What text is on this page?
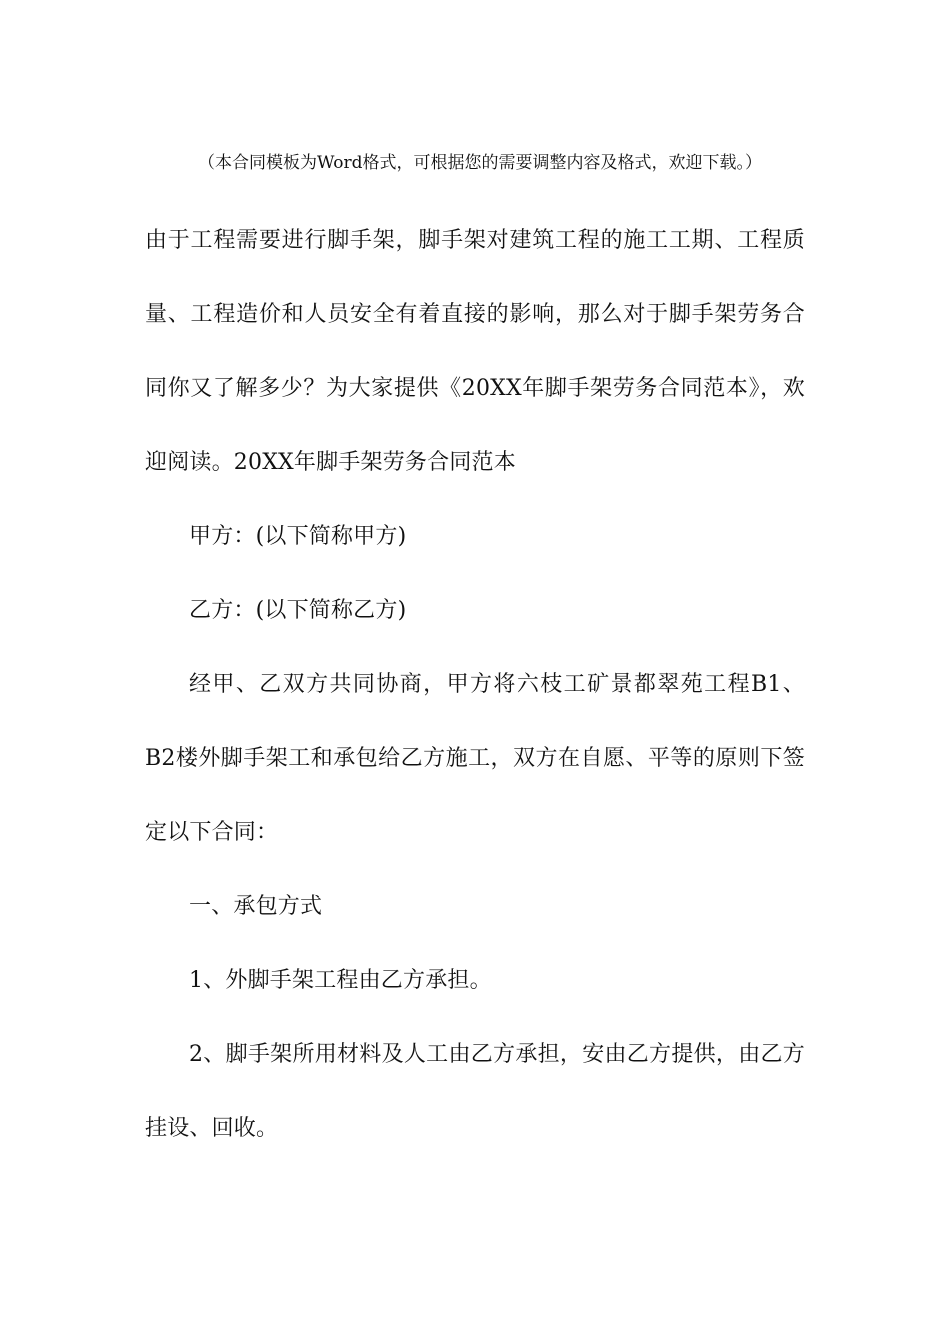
（本合同模板为Word格式，可根据您的需要调整内容及格式，欢迎下载。）
由于工程需要进行脚手架，脚手架对建筑工程的施工工期、工程质量、工程造价和人员安全有着直接的影响，那么对于脚手架劳务合同你又了解多少？为大家提供《20XX年脚手架劳务合同范本》，欢迎阅读。20XX年脚手架劳务合同范本
甲方：(以下简称甲方)
乙方：(以下简称乙方)
经甲、乙双方共同协商，甲方将六枝工矿景都翠苑工程B1、B2楼外脚手架工和承包给乙方施工，双方在自愿、平等的原则下签定以下合同：
一、承包方式
1、外脚手架工程由乙方承担。
2、脚手架所用材料及人工由乙方承担，安由乙方提供，由乙方挂设、回收。
